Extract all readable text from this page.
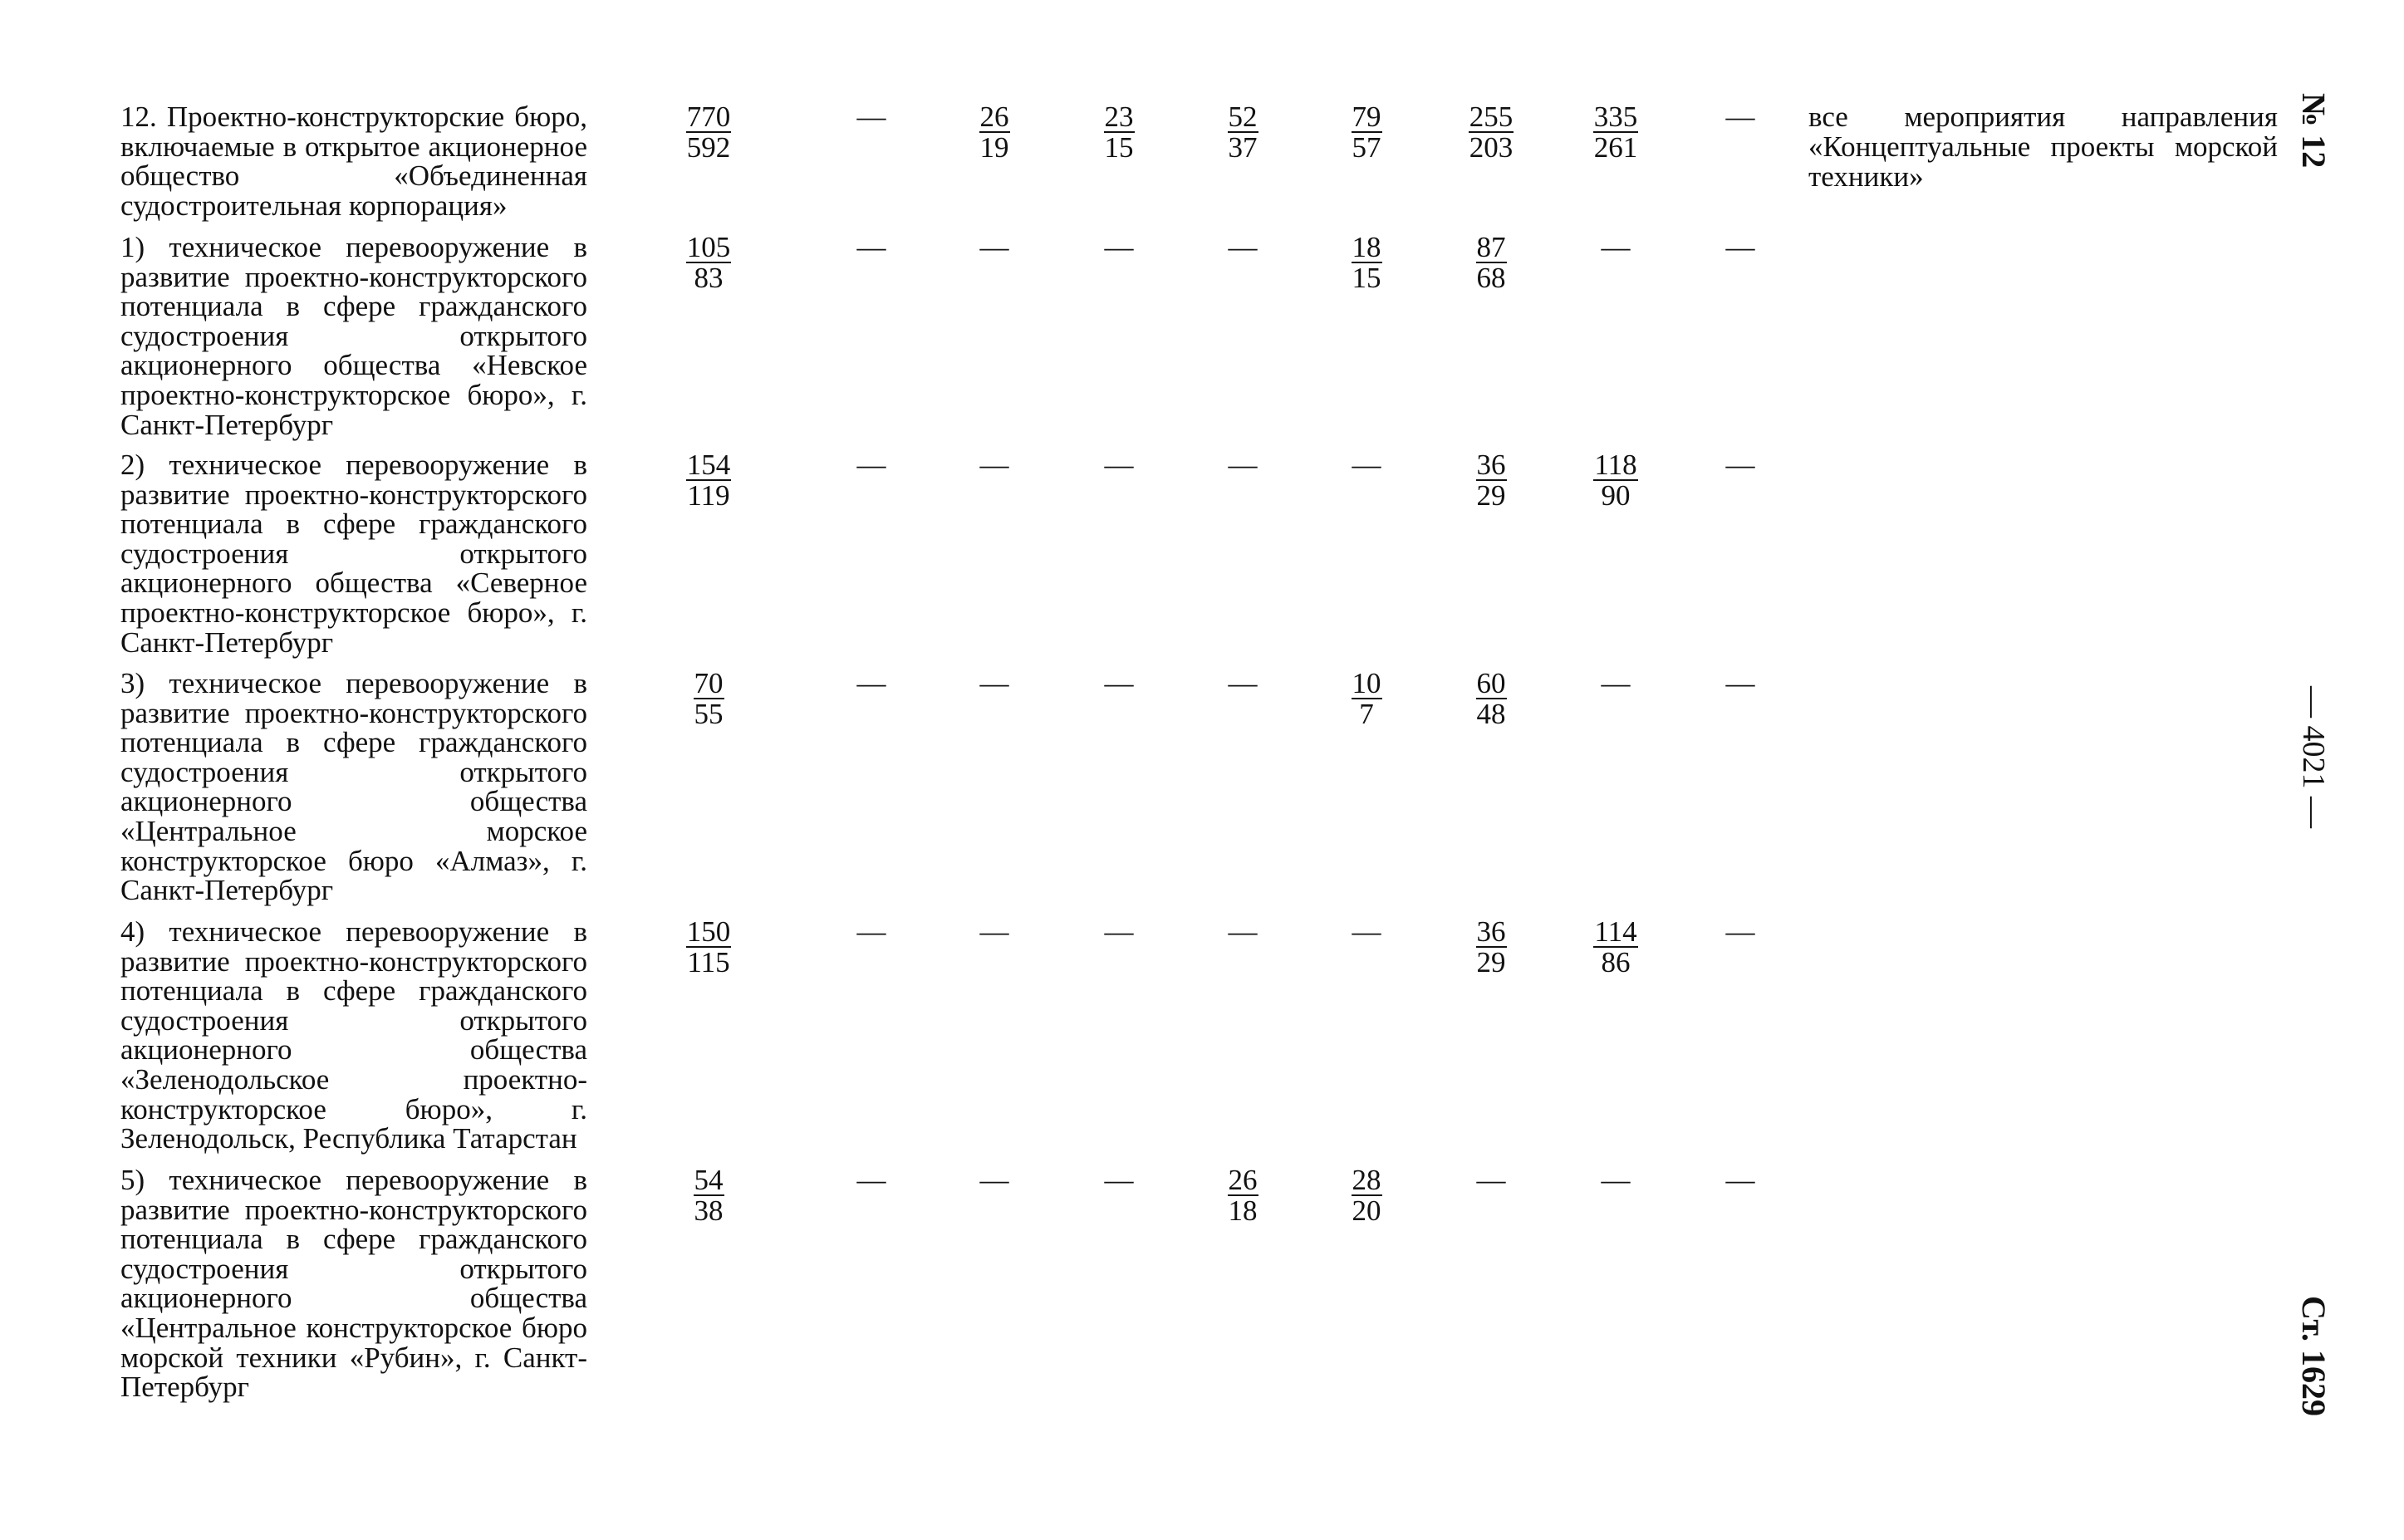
№ 12
— 4021 —
Ст. 1629

12. Проектно-конструкторские бюро, включаемые в открытое акционерное общество «Объединенная судостроительная корпорация»

$\frac{770}{592}$	—	$\frac{26}{19} \frac{23}{15} \frac{52}{37} \frac{79}{57} \frac{255}{203} \frac{335}{261}$	—	все мероприятия направления «Концептуальные проекты морской техники»

1) техническое перевооружение в развитие проектно-конструкторского потенциала в сфере гражданского судостроения открытого акционерного общества «Невское проектно-конструкторское бюро», г. Санкт-Петербург

$\frac{105}{83}$	—	—	—	—	$\frac{18}{15} \frac{87}{68}$	—	—

2) техническое перевооружение в развитие проектно-конструкторского потенциала в сфере гражданского судостроения открытого акционерного общества «Северное проектно-конструкторское бюро», г. Санкт-Петербург

$\frac{154}{119}$	—	—	—	—	—	$\frac{36}{29} \frac{118}{90}$	—

3) техническое перевооружение в развитие проектно-конструкторского потенциала в сфере гражданского судостроения открытого акционерного общества «Центральное морское конструкторское бюро «Алмаз», г. Санкт-Петербург

$\frac{70}{55}$	—	—	—	—	$\frac{10}{7} \frac{60}{48}$	—	—

4) техническое перевооружение в развитие проектно-конструкторского потенциала в сфере гражданского судостроения открытого акционерного общества «Зеленодольское проектно-конструкторское бюро», г. Зеленодольск, Республика Татарстан

$\frac{150}{115}$	—	—	—	—	—	$\frac{36}{29} \frac{114}{86}$	—

5) техническое перевооружение в развитие проектно-конструкторского потенциала в сфере гражданского судостроения открытого акционерного общества «Центральное конструкторское бюро морской техники «Рубин», г. Санкт-Петербург

$\frac{54}{38}$	—	—	—	$\frac{26}{18} \frac{28}{20}$	—	—	—
